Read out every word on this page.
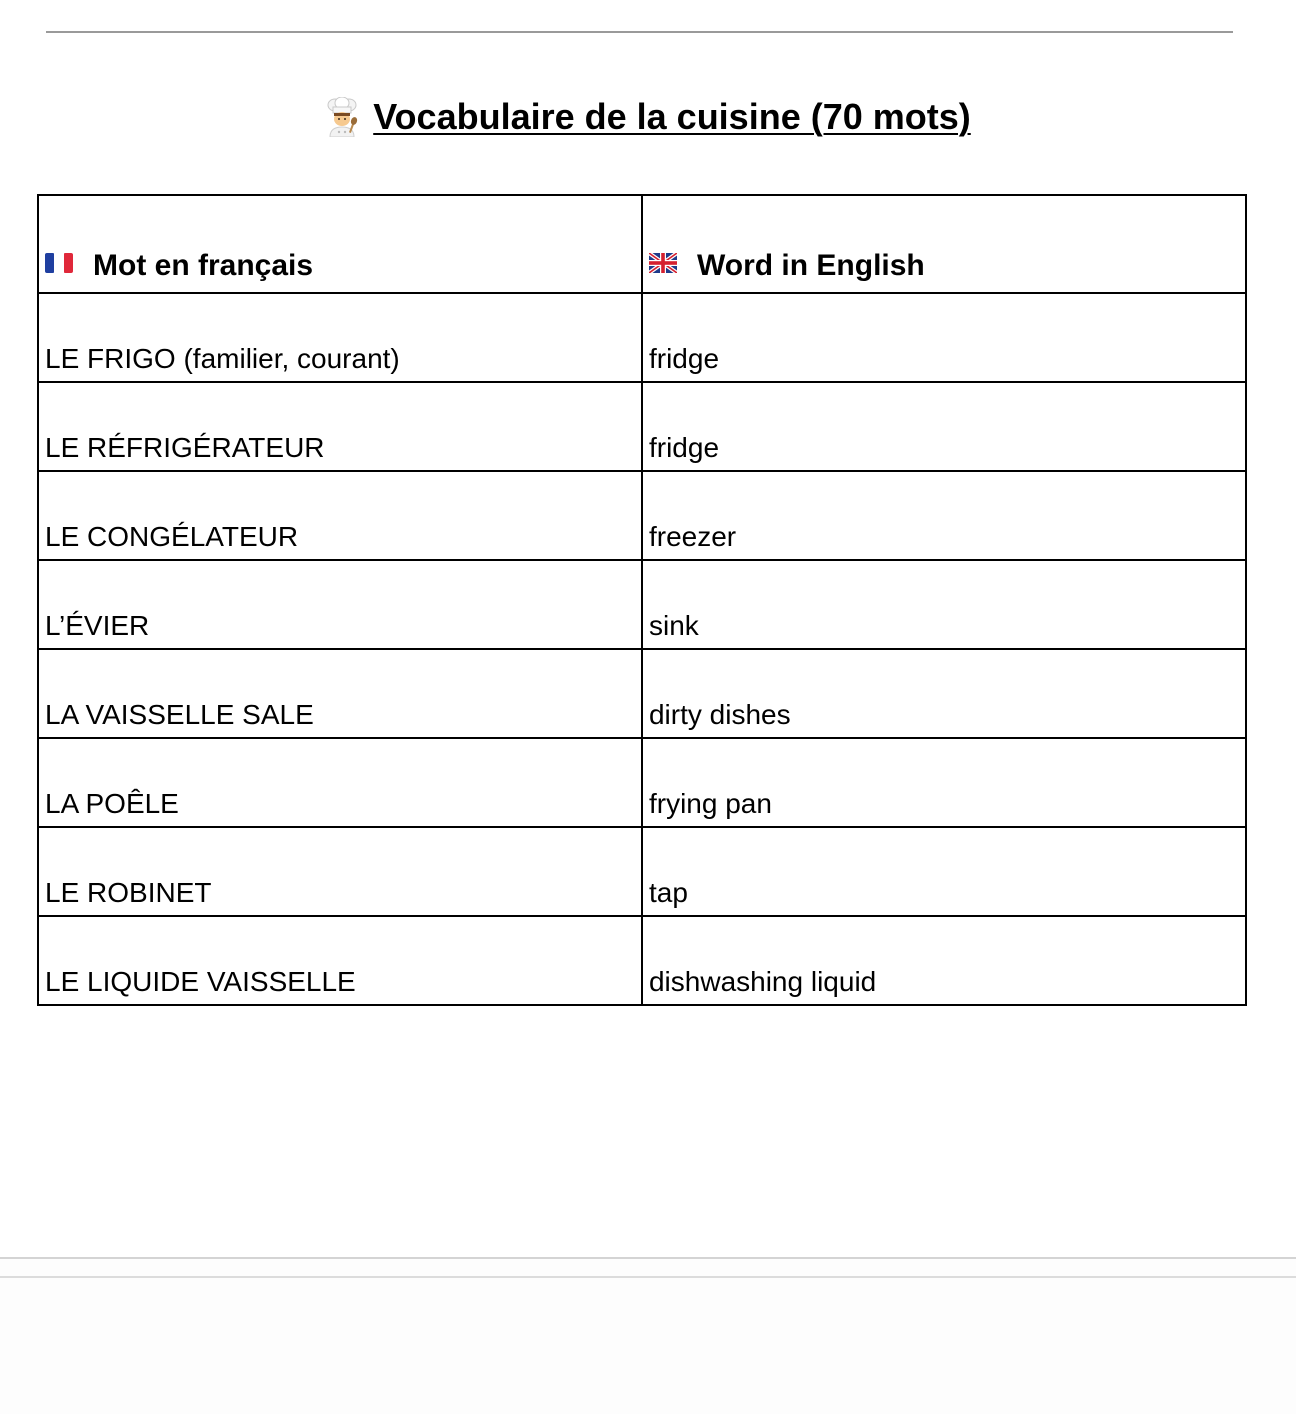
Vocabulaire de la cuisine (70 mots)
Mot en français	Word in English
LE FRIGO (familier, courant)	fridge
LE RÉFRIGÉRATEUR	fridge
LE CONGÉLATEUR	freezer
L’ÉVIER	sink
LA VAISSELLE SALE	dirty dishes
LA POÊLE	frying pan
LE ROBINET	tap
LE LIQUIDE VAISSELLE	dishwashing liquid
